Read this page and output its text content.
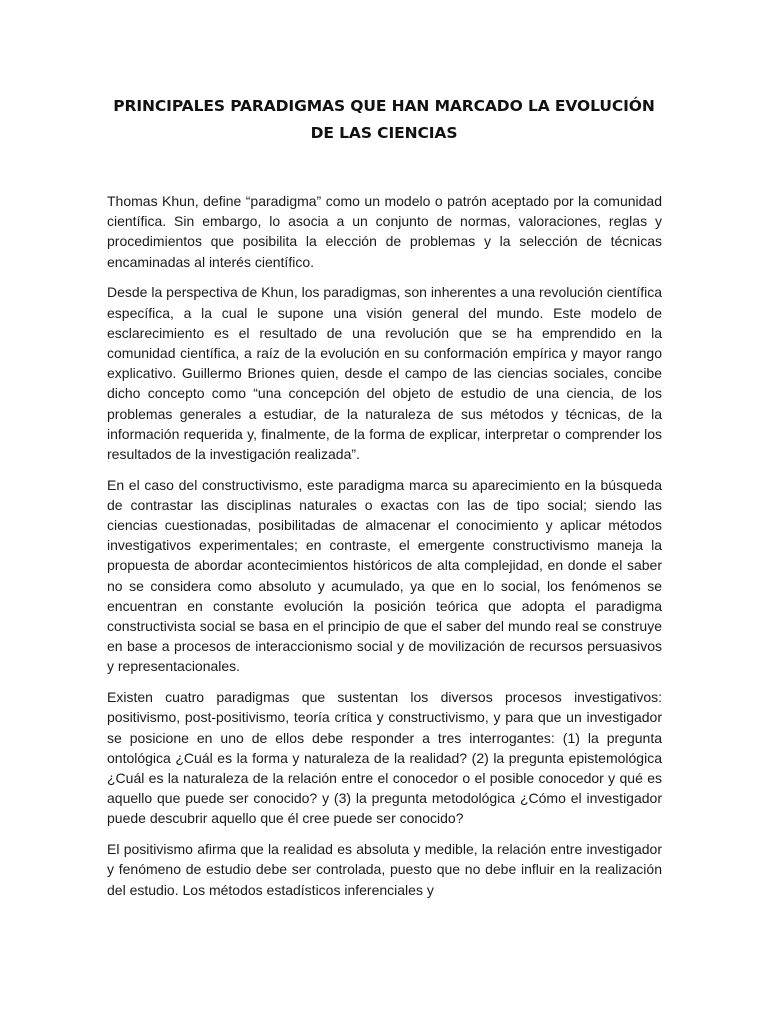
PRINCIPALES PARADIGMAS QUE HAN MARCADO LA EVOLUCIÓN
DE LAS CIENCIAS

Thomas Khun, define “paradigma” como un modelo o patrón aceptado por la comunidad científica. Sin embargo, lo asocia a un conjunto de normas, valoraciones, reglas y procedimientos que posibilita la elección de problemas y la selección de técnicas encaminadas al interés científico.

Desde la perspectiva de Khun, los paradigmas, son inherentes a una revolución científica específica, a la cual le supone una visión general del mundo. Este modelo de esclarecimiento es el resultado de una revolución que se ha emprendido en la comunidad científica, a raíz de la evolución en su conformación empírica y mayor rango explicativo. Guillermo Briones quien, desde el campo de las ciencias sociales, concibe dicho concepto como “una concepción del objeto de estudio de una ciencia, de los problemas generales a estudiar, de la naturaleza de sus métodos y técnicas, de la información requerida y, finalmente, de la forma de explicar, interpretar o comprender los resultados de la investigación realizada”.

En el caso del constructivismo, este paradigma marca su aparecimiento en la búsqueda de contrastar las disciplinas naturales o exactas con las de tipo social; siendo las ciencias cuestionadas, posibilitadas de almacenar el conocimiento y aplicar métodos investigativos experimentales; en contraste, el emergente constructivismo maneja la propuesta de abordar acontecimientos históricos de alta complejidad, en donde el saber no se considera como absoluto y acumulado, ya que en lo social, los fenómenos se encuentran en constante evolución la posición teórica que adopta el paradigma constructivista social se basa en el principio de que el saber del mundo real se construye en base a procesos de interaccionismo social y de movilización de recursos persuasivos y representacionales.

Existen cuatro paradigmas que sustentan los diversos procesos investigativos: positivismo, post-positivismo, teoría crítica y constructivismo, y para que un investigador se posicione en uno de ellos debe responder a tres interrogantes: (1) la pregunta ontológica ¿Cuál es la forma y naturaleza de la realidad? (2) la pregunta epistemológica ¿Cuál es la naturaleza de la relación entre el conocedor o el posible conocedor y qué es aquello que puede ser conocido? y (3) la pregunta metodológica ¿Cómo el investigador puede descubrir aquello que él cree puede ser conocido?

El positivismo afirma que la realidad es absoluta y medible, la relación entre investigador y fenómeno de estudio debe ser controlada, puesto que no debe influir en la realización del estudio. Los métodos estadísticos inferenciales y
